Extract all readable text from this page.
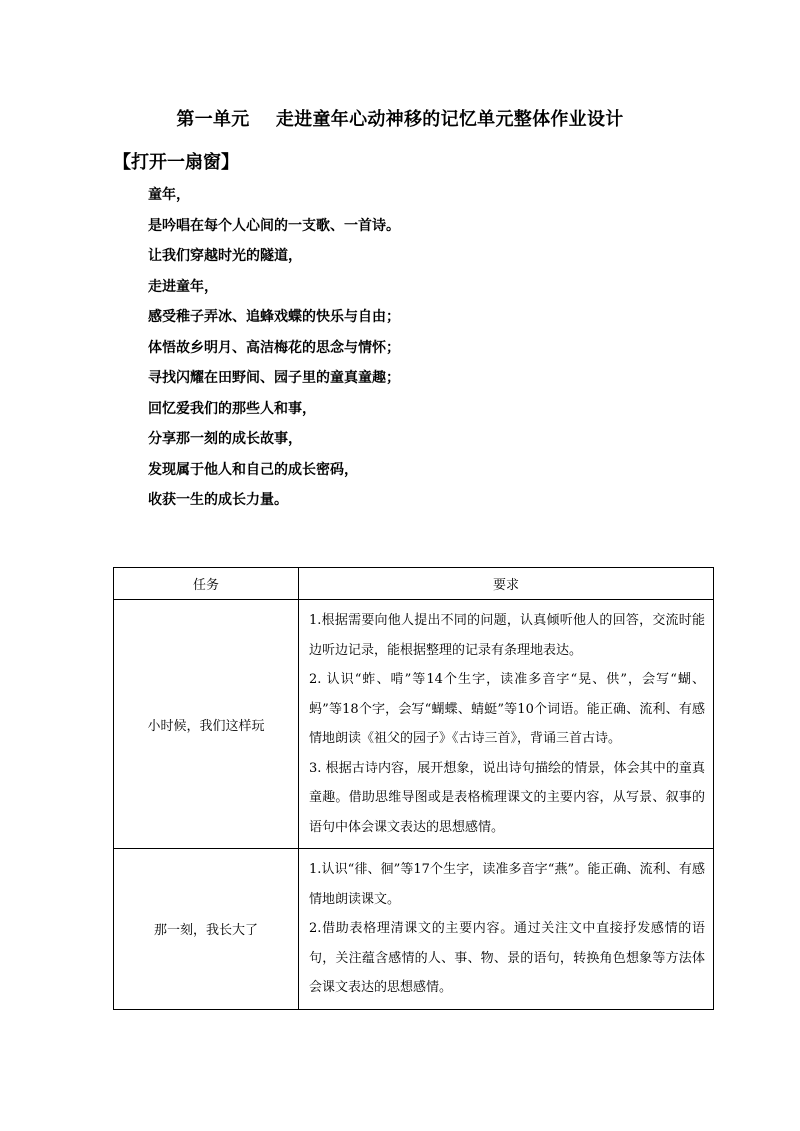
第一单元    走进童年心动神移的记忆单元整体作业设计
【打开一扇窗】
童年，
是吟唱在每个人心间的一支歌、一首诗。
让我们穿越时光的隧道，
走进童年，
感受稚子弄冰、追蜂戏蝶的快乐与自由；
体悟故乡明月、高洁梅花的思念与情怀；
寻找闪耀在田野间、园子里的童真童趣；
回忆爱我们的那些人和事，
分享那一刻的成长故事，
发现属于他人和自己的成长密码，
收获一生的成长力量。
任务	要求
小时候，我们这样玩	1.根据需要向他人提出不同的问题，认真倾听他人的回答，交流时能边听边记录，能根据整理的记录有条理地表达。

2. 认识“蚱、啃”等14个生字，读准多音字“晃、供”，会写“蝴、蚂”等18个字，会写“蝴蝶、蜻蜓”等10个词语。能正确、流利、有感情地朗读《祖父的园子》《古诗三首》，背诵三首古诗。

3. 根据古诗内容，展开想象，说出诗句描绘的情景，体会其中的童真童趣。借助思维导图或是表格梳理课文的主要内容，从写景、叙事的语句中体会课文表达的思想感情。

那一刻，我长大了	1.认识“徘、徊”等17个生字，读准多音字“燕”。能正确、流利、有感情地朗读课文。

2.借助表格理清课文的主要内容。通过关注文中直接抒发感情的语句，关注蕴含感情的人、事、物、景的语句，转换角色想象等方法体会课文表达的思想感情。
